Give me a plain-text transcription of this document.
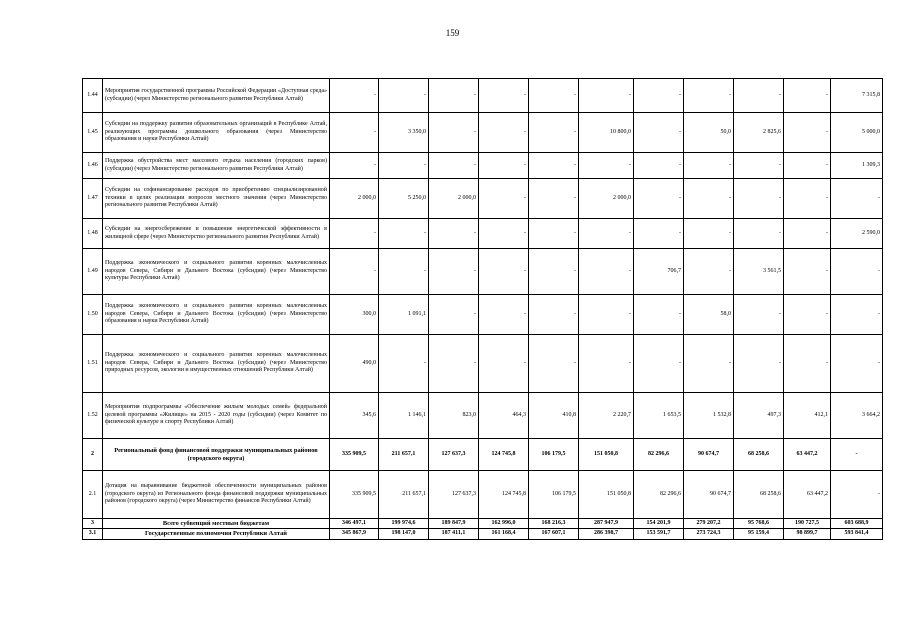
159
1.44	Мероприятия государственной программы Российской Федерации «Доступная среда» (субсидии) (через Министерство регионального развития Республики Алтай)	-	-	-	-	-	-	-	-	-	-	7 315,8
1.45	Субсидии на поддержку развития образовательных организаций в Республике Алтай, реализующих программы дошкольного образования (через Министерство образования и науки Республики Алтай)	-	3 350,0	-	-	-	10 800,0	-	50,0	2 825,6	-	5 000,0
1.46	Поддержка обустройства мест массового отдыха населения (городских парков) (субсидии) (через Министерство регионального развития Республики Алтай)	-	-	-	-	-	-	-	-	-	-	1 309,3
1.47	Субсидии на софинансирование расходов по приобретению специализированной техники в целях реализации вопросов местного значения (через Министерство регионального развития Республики Алтай)	2 000,0	5 250,0	2 000,0	-	-	2 000,0	-	-	-	-	-
1.48	Субсидии на энергосбережение и повышение энергетической эффективности в жилищной сфере (через Министерство регионального развития Республики Алтай)	-	-	-	-	-	-	-	-	-	-	2 590,0
1.49	Поддержка экономического и социального развития коренных малочисленных народов Севера, Сибири и Дальнего Востока (субсидии) (через Министерство культуры Республики Алтай)	-	-	-	-	-	-	706,7	-	3 561,5	-	-
1.50	Поддержка экономического и социального развития коренных малочисленных народов Севера, Сибири и Дальнего Востока (субсидии) (через Министерство образования и науки Республики Алтай)	300,0	1 091,1	-	-	-	-	-	58,0	-	-	-
1.51	Поддержка экономического и социального развития коренных малочисленных народов Севера, Сибири и Дальнего Востока (субсидии) (через Министерство природных ресурсов, экологии и имущественных отношений Республики Алтай)	490,0	-	-	-	-	-	-	-	-	-	-
1.52	Мероприятия подпрограммы «Обеспечение жильем молодых семей» федеральной целевой программы «Жилище» на 2015 - 2020 годы (субсидии) (через Комитет по физической культуре и спорту Республики Алтай)	345,6	1 146,1	823,0	464,3	410,8	2 220,7	1 653,5	1 532,8	497,3	412,1	3 664,2
2	Региональный фонд финансовой поддержки муниципальных районов (городского округа)	335 909,5	211 657,1	127 637,3	124 745,8	106 179,5	151 050,8	82 296,6	90 674,7	68 258,6	63 447,2	-
2.1	Дотация на выравнивание бюджетной обеспеченности муниципальных районов (городского округа) из Регионального фонда финансовой поддержки муниципальных районов (городского округа) (через Министерство финансов Республики Алтай)	335 909,5	211 657,1	127 637,3	124 745,8	106 179,5	151 050,8	82 296,6	90 674,7	68 258,6	63 447,2	-
3	Всего субвенций местным бюджетам	346 497,1	199 974,6	189 847,9	162 996,0	168 216,3	287 947,9	154 201,9	279 207,2	95 768,6	190 727,5	603 688,9
3.1	Государственные полномочия Республики Алтай	345 867,9	198 147,0	187 411,1	161 168,4	167 607,1	286 398,7	153 591,7	273 724,3	95 159,4	98 899,7	593 841,4
